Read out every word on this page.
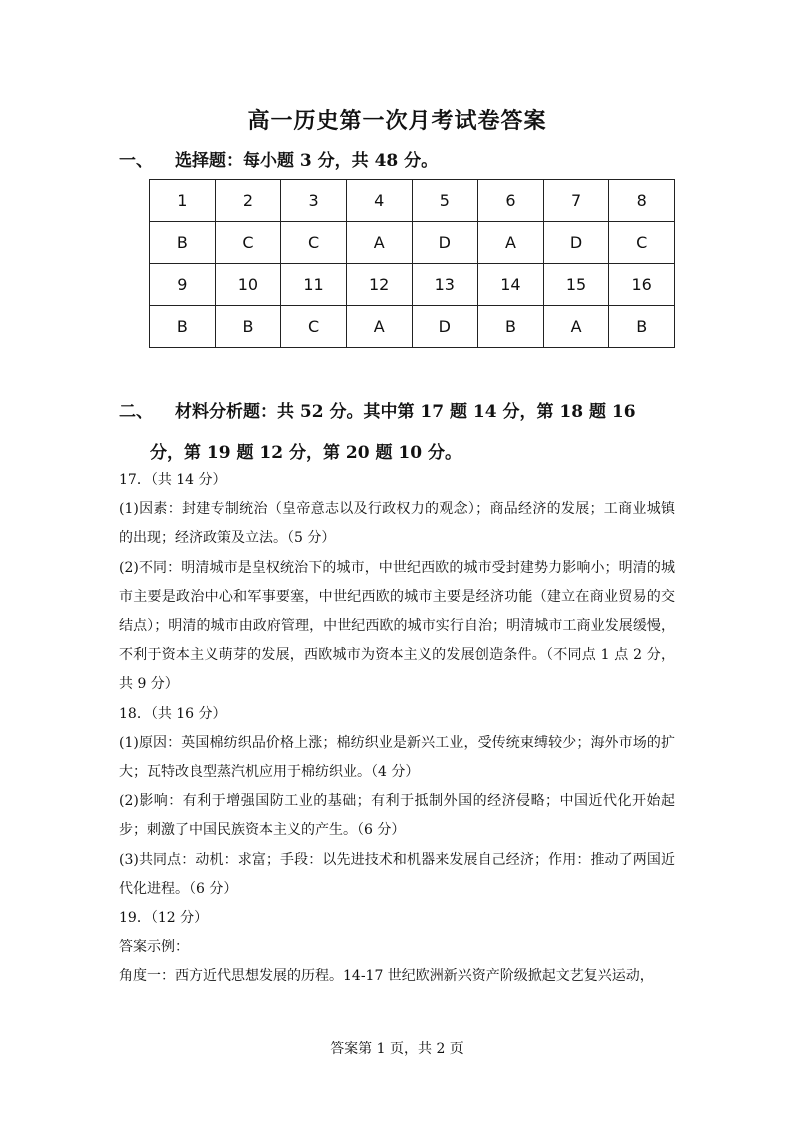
高一历史第一次月考试卷答案
一、 选择题：每小题 3 分，共 48 分。
1	2	3	4	5	6	7	8
B	C	C	A	D	A	D	C
9	10	11	12	13	14	15	16
B	B	C	A	D	B	A	B
二、 材料分析题：共 52 分。其中第 17 题 14 分，第 18 题 16
分，第 19 题 12 分，第 20 题 10 分。

17．（共 14 分）

(1)因素：封建专制统治（皇帝意志以及行政权力的观念）；商品经济的发展；工商业城镇的出现；经济政策及立法。（5 分）

(2)不同：明清城市是皇权统治下的城市，中世纪西欧的城市受封建势力影响小；明清的城市主要是政治中心和军事要塞，中世纪西欧的城市主要是经济功能（建立在商业贸易的交结点）；明清的城市由政府管理，中世纪西欧的城市实行自治；明清城市工商业发展缓慢，不利于资本主义萌芽的发展，西欧城市为资本主义的发展创造条件。（不同点 1 点 2 分，共 9 分）

18．（共 16 分）

(1)原因：英国棉纺织品价格上涨；棉纺织业是新兴工业，受传统束缚较少；海外市场的扩大；瓦特改良型蒸汽机应用于棉纺织业。（4 分）

(2)影响：有利于增强国防工业的基础；有利于抵制外国的经济侵略；中国近代化开始起步；刺激了中国民族资本主义的产生。（6 分）

(3)共同点：动机：求富；手段：以先进技术和机器来发展自己经济；作用：推动了两国近代化进程。（6 分）

19．（12 分）

答案示例：

角度一：西方近代思想发展的历程。14-17 世纪欧洲新兴资产阶级掀起文艺复兴运动，

答案第 1 页，共 2 页
